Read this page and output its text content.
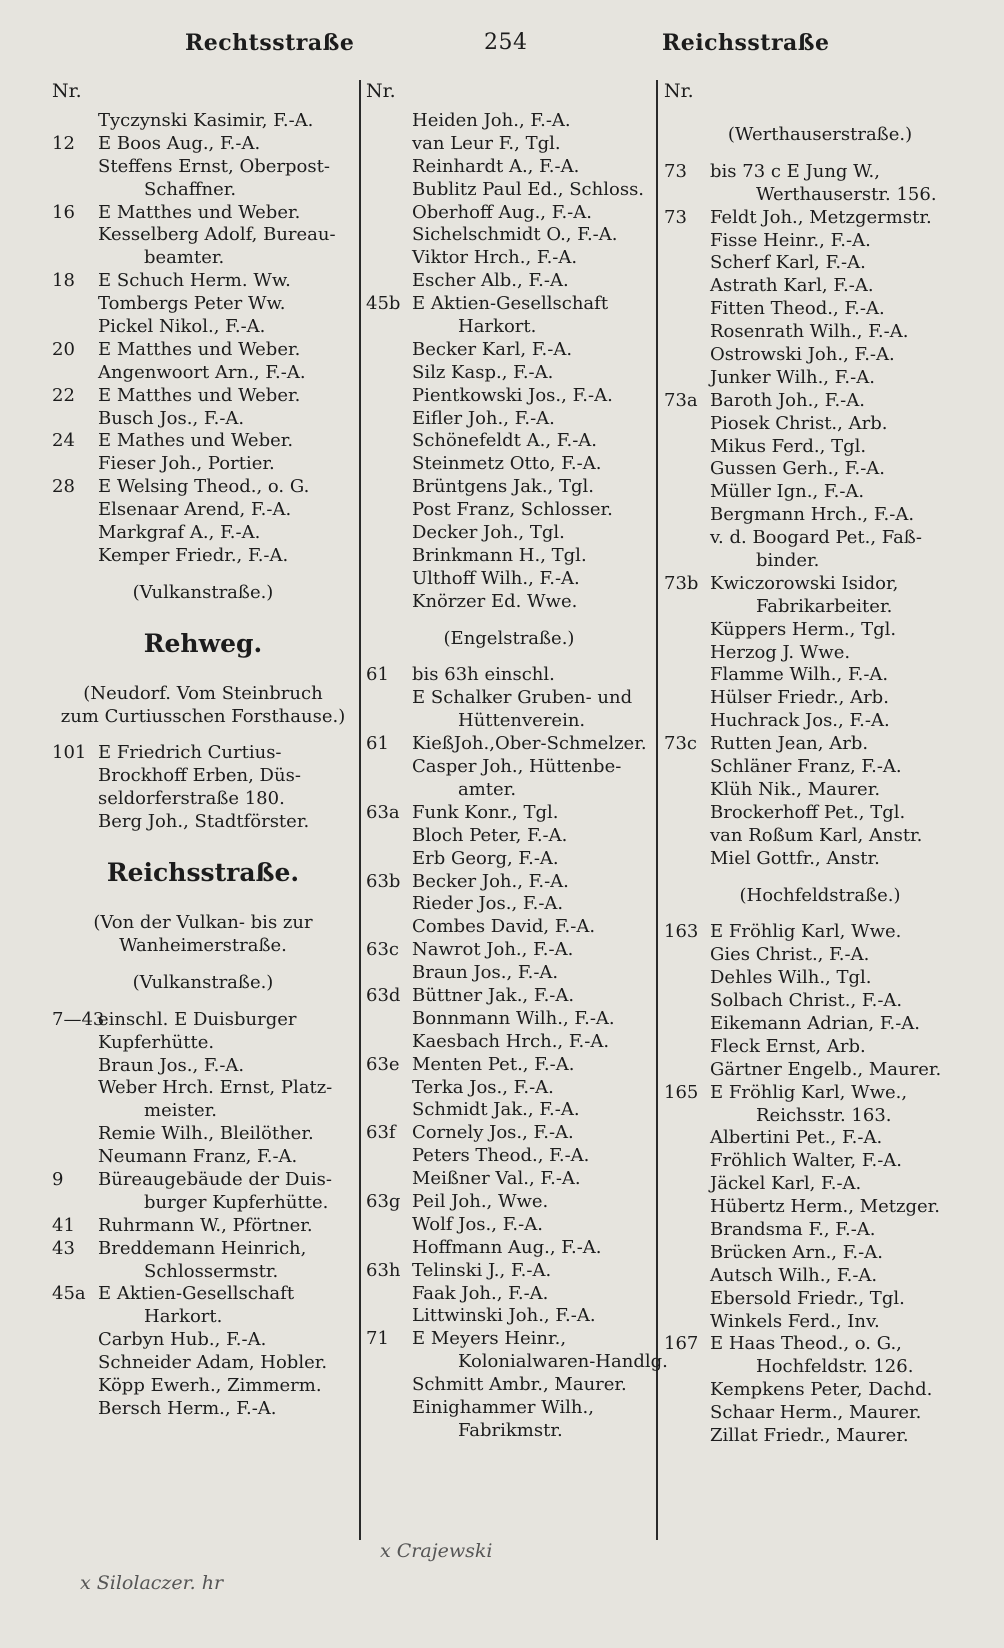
Rechtsstraße	254	Reichsstraße
Nr.
Tyczynski Kasimir, F.-A.
12 E Boos Aug., F.-A.
Steffens Ernst, Oberpost-
Schaffner.
16 E Matthes und Weber.
Kesselberg Adolf, Bureau-
beamter.
18 E Schuch Herm. Ww.
Tombergs Peter Ww.
Pickel Nikol., F.-A.
20 E Matthes und Weber.
Angenwoort Arn., F.-A.
22 E Matthes und Weber.
Busch Jos., F.-A.
24 E Mathes und Weber.
Fieser Joh., Portier.
28 E Welsing Theod., o. G.
Elsenaar Arend, F.-A.
Markgraf A., F.-A.
Kemper Friedr., F.-A.
(Vulkanstraße.)
Rehweg.
(Neudorf. Vom Steinbruch
zum Curtiusschen Forsthause.)
101 E Friedrich Curtius-
Brockhoff Erben, Düs-
seldorferstraße 180.
Berg Joh., Stadtförster.
Reichsstraße.
(Von der Vulkan- bis zur
Wanheimerstraße.
(Vulkanstraße.)
7—43einschl. E Duisburger
Kupferhütte.
Braun Jos., F.-A.
Weber Hrch. Ernst, Platz-
meister.
Remie Wilh., Bleilöther.
Neumann Franz, F.-A.
9 Büreaugebäude der Duis-
burger Kupferhütte.
41 Ruhrmann W., Pförtner.
43 Breddemann Heinrich,
Schlossermstr.
45a E Aktien-Gesellschaft
Harkort.
Carbyn Hub., F.-A.
Schneider Adam, Hobler.
Köpp Ewerh., Zimmerm.
Bersch Herm., F.-A.
Nr.
Heiden Joh., F.-A.
van Leur F., Tgl.
Reinhardt A., F.-A.
Bublitz Paul Ed., Schloss.
Oberhoff Aug., F.-A.
Sichelschmidt O., F.-A.
Viktor Hrch., F.-A.
Escher Alb., F.-A.
45b E Aktien-Gesellschaft
Harkort.
Becker Karl, F.-A.
Silz Kasp., F.-A.
Pientkowski Jos., F.-A.
Eifler Joh., F.-A.
Schönefeldt A., F.-A.
Steinmetz Otto, F.-A.
Brüntgens Jak., Tgl.
Post Franz, Schlosser.
Decker Joh., Tgl.
Brinkmann H., Tgl.
Ulthoff Wilh., F.-A.
Knörzer Ed. Wwe.
(Engelstraße.)
61 bis 63h einschl.
E Schalker Gruben- und
Hüttenverein.
61 KießJoh.,Ober-Schmelzer.
Casper Joh., Hüttenbe-
amter.
63a Funk Konr., Tgl.
Bloch Peter, F.-A.
Erb Georg, F.-A.
63b Becker Joh., F.-A.
Rieder Jos., F.-A.
Combes David, F.-A.
63c Nawrot Joh., F.-A.
Braun Jos., F.-A.
63d Büttner Jak., F.-A.
Bonnmann Wilh., F.-A.
Kaesbach Hrch., F.-A.
63e Menten Pet., F.-A.
Terka Jos., F.-A.
Schmidt Jak., F.-A.
63f Cornely Jos., F.-A.
Peters Theod., F.-A.
Meißner Val., F.-A.
63g Peil Joh., Wwe.
Wolf Jos., F.-A.
Hoffmann Aug., F.-A.
63h Telinski J., F.-A.
Faak Joh., F.-A.
Littwinski Joh., F.-A.
71 E Meyers Heinr.,
Kolonialwaren-Handlg.
Schmitt Ambr., Maurer.
Einighammer Wilh.,
Fabrikmstr.
Nr.
(Werthauserstraße.)
73 bis 73 c E Jung W.,
Werthauserstr. 156.
73 Feldt Joh., Metzgermstr.
Fisse Heinr., F.-A.
Scherf Karl, F.-A.
Astrath Karl, F.-A.
Fitten Theod., F.-A.
Rosenrath Wilh., F.-A.
Ostrowski Joh., F.-A.
Junker Wilh., F.-A.
73a Baroth Joh., F.-A.
Piosek Christ., Arb.
Mikus Ferd., Tgl.
Gussen Gerh., F.-A.
Müller Ign., F.-A.
Bergmann Hrch., F.-A.
v. d. Boogard Pet., Faß-
binder.
73b Kwiczorowski Isidor,
Fabrikarbeiter.
Küppers Herm., Tgl.
Herzog J. Wwe.
Flamme Wilh., F.-A.
Hülser Friedr., Arb.
Huchrack Jos., F.-A.
73c Rutten Jean, Arb.
Schläner Franz, F.-A.
Klüh Nik., Maurer.
Brockerhoff Pet., Tgl.
van Roßum Karl, Anstr.
Miel Gottfr., Anstr.
(Hochfeldstraße.)
163 E Fröhlig Karl, Wwe.
Gies Christ., F.-A.
Dehles Wilh., Tgl.
Solbach Christ., F.-A.
Eikemann Adrian, F.-A.
Fleck Ernst, Arb.
Gärtner Engelb., Maurer.
165 E Fröhlig Karl, Wwe.,
Reichsstr. 163.
Albertini Pet., F.-A.
Fröhlich Walter, F.-A.
Jäckel Karl, F.-A.
Hübertz Herm., Metzger.
Brandsma F., F.-A.
Brücken Arn., F.-A.
Autsch Wilh., F.-A.
Ebersold Friedr., Tgl.
Winkels Ferd., Inv.
167 E Haas Theod., o. G.,
Hochfeldstr. 126.
Kempkens Peter, Dachd.
Schaar Herm., Maurer.
Zillat Friedr., Maurer.
x Silolaczer. hr
x Crajewski
